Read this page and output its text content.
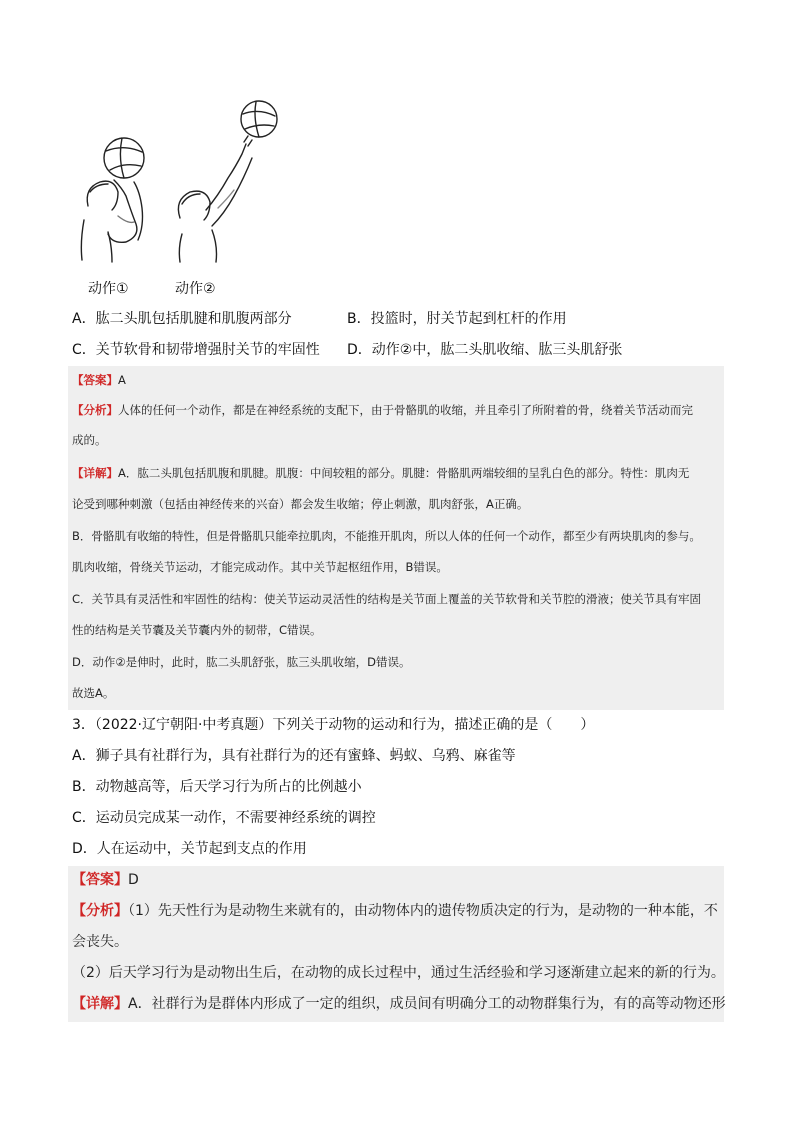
动作①	动作②
A．肱二头肌包括肌腱和肌腹两部分	B．投篮时，肘关节起到杠杆的作用
C．关节软骨和韧带增强肘关节的牢固性 D．动作②中，肱二头肌收缩、肱三头肌舒张
【答案】A
【分析】人体的任何一个动作，都是在神经系统的支配下，由于骨骼肌的收缩，并且牵引了所附着的骨，绕着关节活动而完
成的。
【详解】A．肱二头肌包括肌腹和肌腱。肌腹：中间较粗的部分。肌腱：骨骼肌两端较细的呈乳白色的部分。特性：肌肉无
论受到哪种刺激（包括由神经传来的兴奋）都会发生收缩；停止刺激，肌肉舒张，A正确。
B．骨骼肌有收缩的特性，但是骨骼肌只能牵拉肌肉，不能推开肌肉，所以人体的任何一个动作，都至少有两块肌肉的参与。
肌肉收缩，骨绕关节运动，才能完成动作。其中关节起枢纽作用，B错误。
C．关节具有灵活性和牢固性的结构：使关节运动灵活性的结构是关节面上覆盖的关节软骨和关节腔的滑液；使关节具有牢固
性的结构是关节囊及关节囊内外的韧带，C错误。
D．动作②是伸时，此时，肱二头肌舒张，肱三头肌收缩，D错误。
故选A。
3．（2022·辽宁朝阳·中考真题）下列关于动物的运动和行为，描述正确的是（　　）
A．狮子具有社群行为，具有社群行为的还有蜜蜂、蚂蚁、乌鸦、麻雀等
B．动物越高等，后天学习行为所占的比例越小
C．运动员完成某一动作，不需要神经系统的调控
D．人在运动中，关节起到支点的作用
【答案】D
【分析】（1）先天性行为是动物生来就有的，由动物体内的遗传物质决定的行为，是动物的一种本能，不
会丧失。
（2）后天学习行为是动物出生后，在动物的成长过程中，通过生活经验和学习逐渐建立起来的新的行为。
【详解】A．社群行为是群体内形成了一定的组织，成员间有明确分工的动物群集行为，有的高等动物还形
